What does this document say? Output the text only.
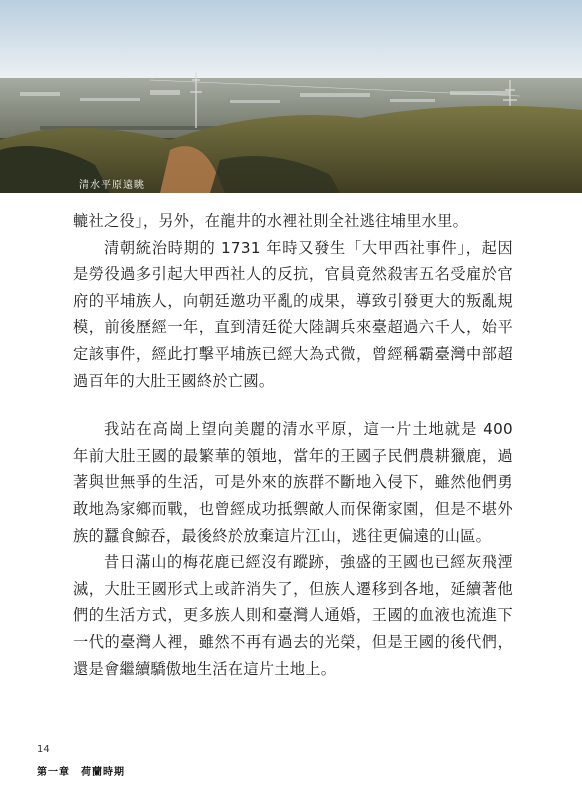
清水平原遠眺

轆社之役」，另外，在龍井的水裡社則全社逃往埔里水里。

清朝統治時期的 1731 年時又發生「大甲西社事件」，起因是勞役過多引起大甲西社人的反抗，官員竟然殺害五名受雇於官府的平埔族人，向朝廷邀功平亂的成果，導致引發更大的叛亂規模，前後歷經一年，直到清廷從大陸調兵來臺超過六千人，始平定該事件，經此打擊平埔族已經大為式微，曾經稱霸臺灣中部超過百年的大肚王國終於亡國。

我站在高崗上望向美麗的清水平原，這一片土地就是 400 年前大肚王國的最繁華的領地，當年的王國子民們農耕獵鹿，過著與世無爭的生活，可是外來的族群不斷地入侵下，雖然他們勇敢地為家鄉而戰，也曾經成功抵禦敵人而保衛家園，但是不堪外族的蠶食鯨吞，最後終於放棄這片江山，逃往更偏遠的山區。

昔日滿山的梅花鹿已經沒有蹤跡，強盛的王國也已經灰飛湮滅，大肚王國形式上或許消失了，但族人遷移到各地，延續著他們的生活方式，更多族人則和臺灣人通婚，王國的血液也流進下一代的臺灣人裡，雖然不再有過去的光榮，但是王國的後代們，還是會繼續驕傲地生活在這片土地上。

14
第一章　荷蘭時期
